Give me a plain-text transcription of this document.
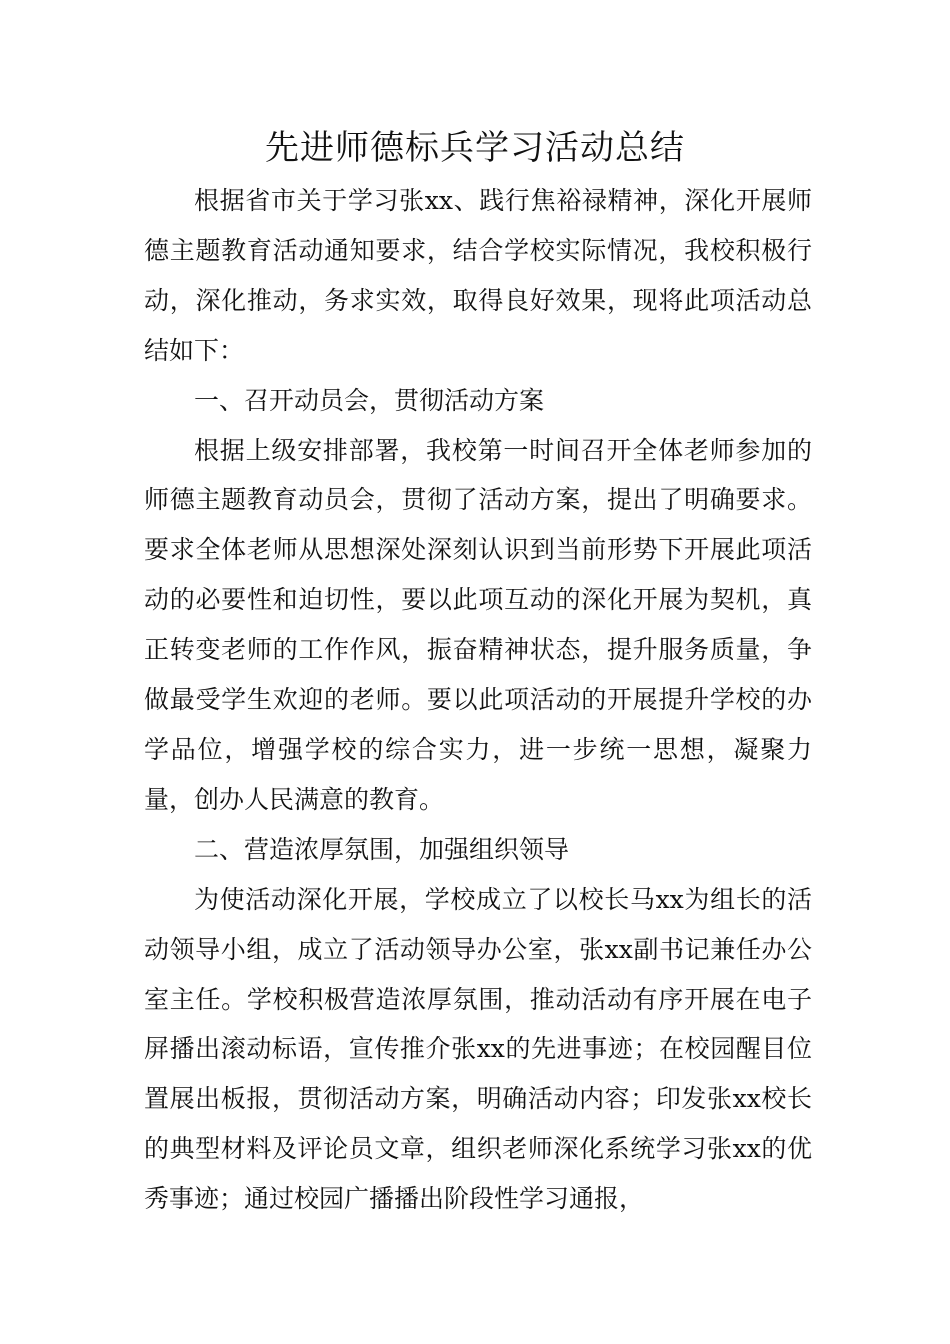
先进师德标兵学习活动总结

根据省市关于学习张xx、践行焦裕禄精神，深化开展师德主题教育活动通知要求，结合学校实际情况，我校积极行动，深化推动，务求实效，取得良好效果，现将此项活动总结如下：

一、召开动员会，贯彻活动方案

根据上级安排部署，我校第一时间召开全体老师参加的师德主题教育动员会，贯彻了活动方案，提出了明确要求。要求全体老师从思想深处深刻认识到当前形势下开展此项活动的必要性和迫切性，要以此项互动的深化开展为契机，真正转变老师的工作作风，振奋精神状态，提升服务质量，争做最受学生欢迎的老师。要以此项活动的开展提升学校的办学品位，增强学校的综合实力，进一步统一思想，凝聚力量，创办人民满意的教育。

二、营造浓厚氛围，加强组织领导

为使活动深化开展，学校成立了以校长马xx为组长的活动领导小组，成立了活动领导办公室，张xx副书记兼任办公室主任。学校积极营造浓厚氛围，推动活动有序开展在电子屏播出滚动标语，宣传推介张xx的先进事迹；在校园醒目位置展出板报，贯彻活动方案，明确活动内容；印发张xx校长的典型材料及评论员文章，组织老师深化系统学习张xx的优秀事迹；通过校园广播播出阶段性学习通报，
